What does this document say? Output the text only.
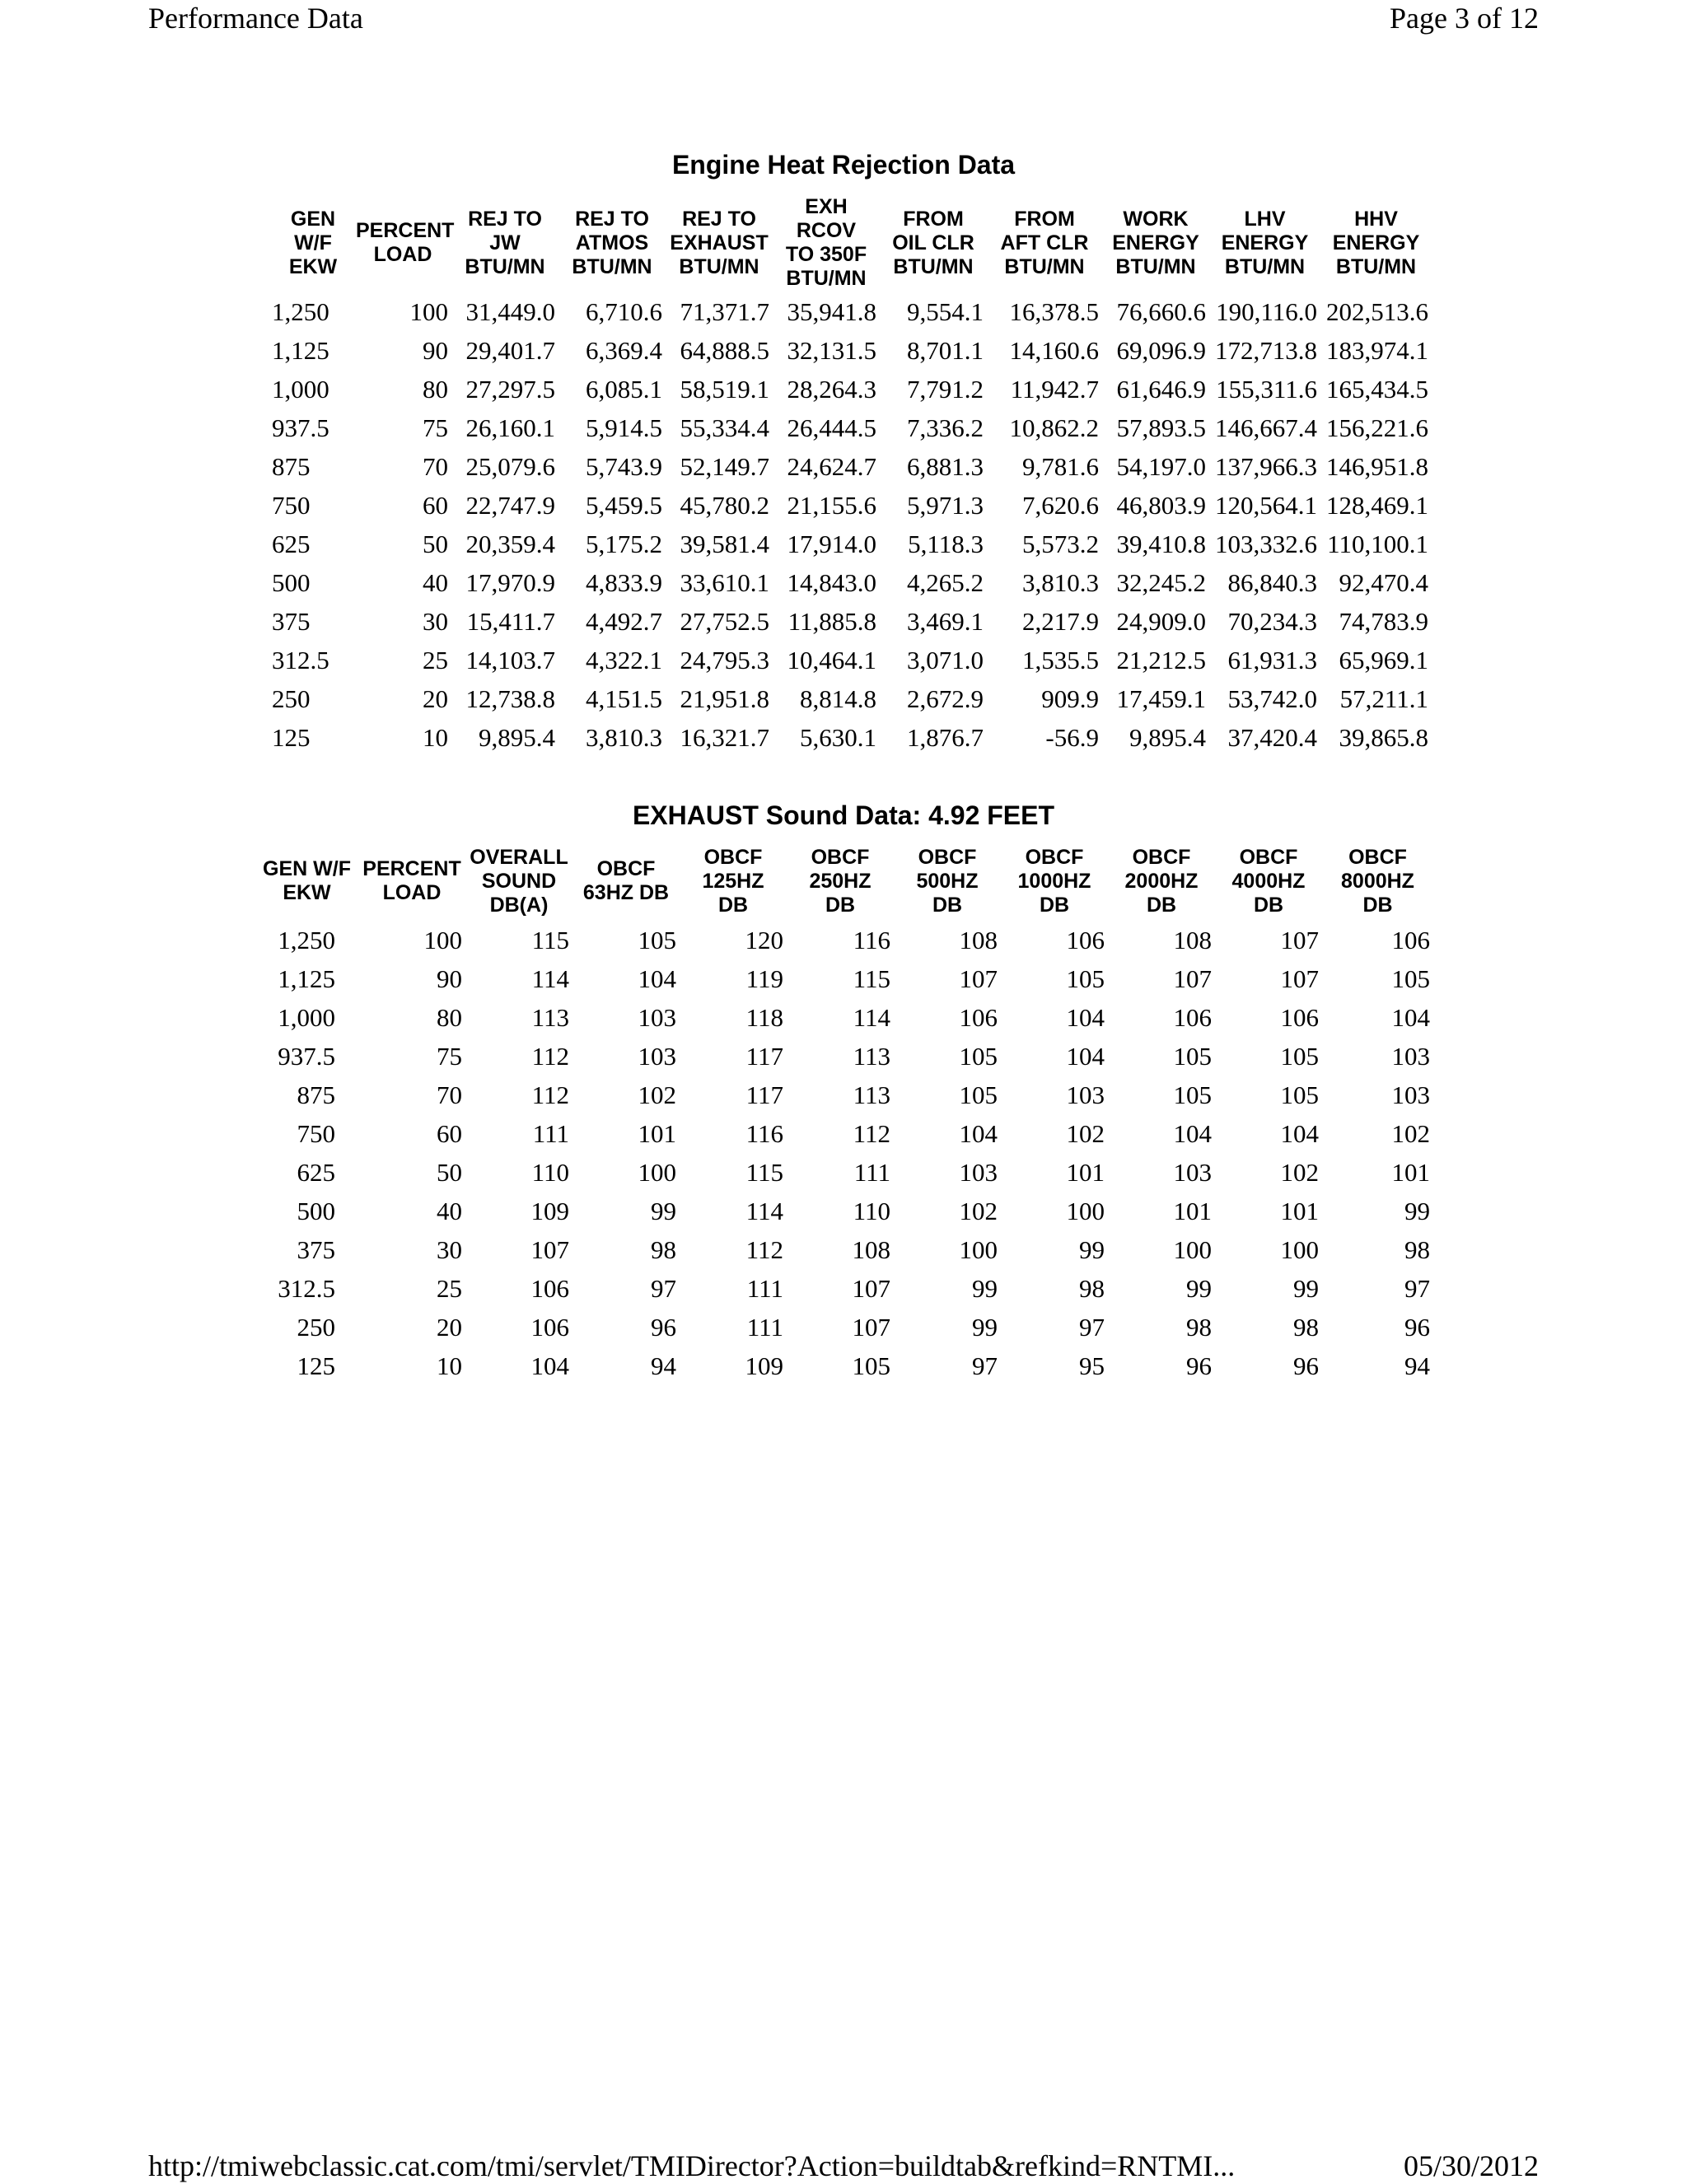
Performance Data	Page 3 of 12
Engine Heat Rejection Data
GEN
W/F
EKW	PERCENT
LOAD	REJ TO
JW
BTU/MN	REJ TO
ATMOS
BTU/MN	REJ TO
EXHAUST
BTU/MN	EXH
RCOV
TO 350F
BTU/MN	FROM
OIL CLR
BTU/MN	FROM
AFT CLR
BTU/MN	WORK
ENERGY
BTU/MN	LHV
ENERGY
BTU/MN	HHV
ENERGY
BTU/MN
1,250	100	31,449.0	6,710.6	71,371.7	35,941.8	9,554.1	16,378.5	76,660.6	190,116.0	202,513.6
1,125	90	29,401.7	6,369.4	64,888.5	32,131.5	8,701.1	14,160.6	69,096.9	172,713.8	183,974.1
1,000	80	27,297.5	6,085.1	58,519.1	28,264.3	7,791.2	11,942.7	61,646.9	155,311.6	165,434.5
937.5	75	26,160.1	5,914.5	55,334.4	26,444.5	7,336.2	10,862.2	57,893.5	146,667.4	156,221.6
875	70	25,079.6	5,743.9	52,149.7	24,624.7	6,881.3	9,781.6	54,197.0	137,966.3	146,951.8
750	60	22,747.9	5,459.5	45,780.2	21,155.6	5,971.3	7,620.6	46,803.9	120,564.1	128,469.1
625	50	20,359.4	5,175.2	39,581.4	17,914.0	5,118.3	5,573.2	39,410.8	103,332.6	110,100.1
500	40	17,970.9	4,833.9	33,610.1	14,843.0	4,265.2	3,810.3	32,245.2	86,840.3	92,470.4
375	30	15,411.7	4,492.7	27,752.5	11,885.8	3,469.1	2,217.9	24,909.0	70,234.3	74,783.9
312.5	25	14,103.7	4,322.1	24,795.3	10,464.1	3,071.0	1,535.5	21,212.5	61,931.3	65,969.1
250	20	12,738.8	4,151.5	21,951.8	8,814.8	2,672.9	909.9	17,459.1	53,742.0	57,211.1
125	10	9,895.4	3,810.3	16,321.7	5,630.1	1,876.7	-56.9	9,895.4	37,420.4	39,865.8
EXHAUST Sound Data: 4.92 FEET
GEN W/F
EKW	PERCENT
LOAD	OVERALL
SOUND
DB(A)	OBCF
63HZ DB	OBCF
125HZ
DB	OBCF
250HZ
DB	OBCF
500HZ
DB	OBCF
1000HZ
DB	OBCF
2000HZ
DB	OBCF
4000HZ
DB	OBCF
8000HZ
DB
1,250	100	115	105	120	116	108	106	108	107	106
1,125	90	114	104	119	115	107	105	107	107	105
1,000	80	113	103	118	114	106	104	106	106	104
937.5	75	112	103	117	113	105	104	105	105	103
875	70	112	102	117	113	105	103	105	105	103
750	60	111	101	116	112	104	102	104	104	102
625	50	110	100	115	111	103	101	103	102	101
500	40	109	99	114	110	102	100	101	101	99
375	30	107	98	112	108	100	99	100	100	98
312.5	25	106	97	111	107	99	98	99	99	97
250	20	106	96	111	107	99	97	98	98	96
125	10	104	94	109	105	97	95	96	96	94
http://tmiwebclassic.cat.com/tmi/servlet/TMIDirector?Action=buildtab&refkind=RNTMI...	05/30/2012
